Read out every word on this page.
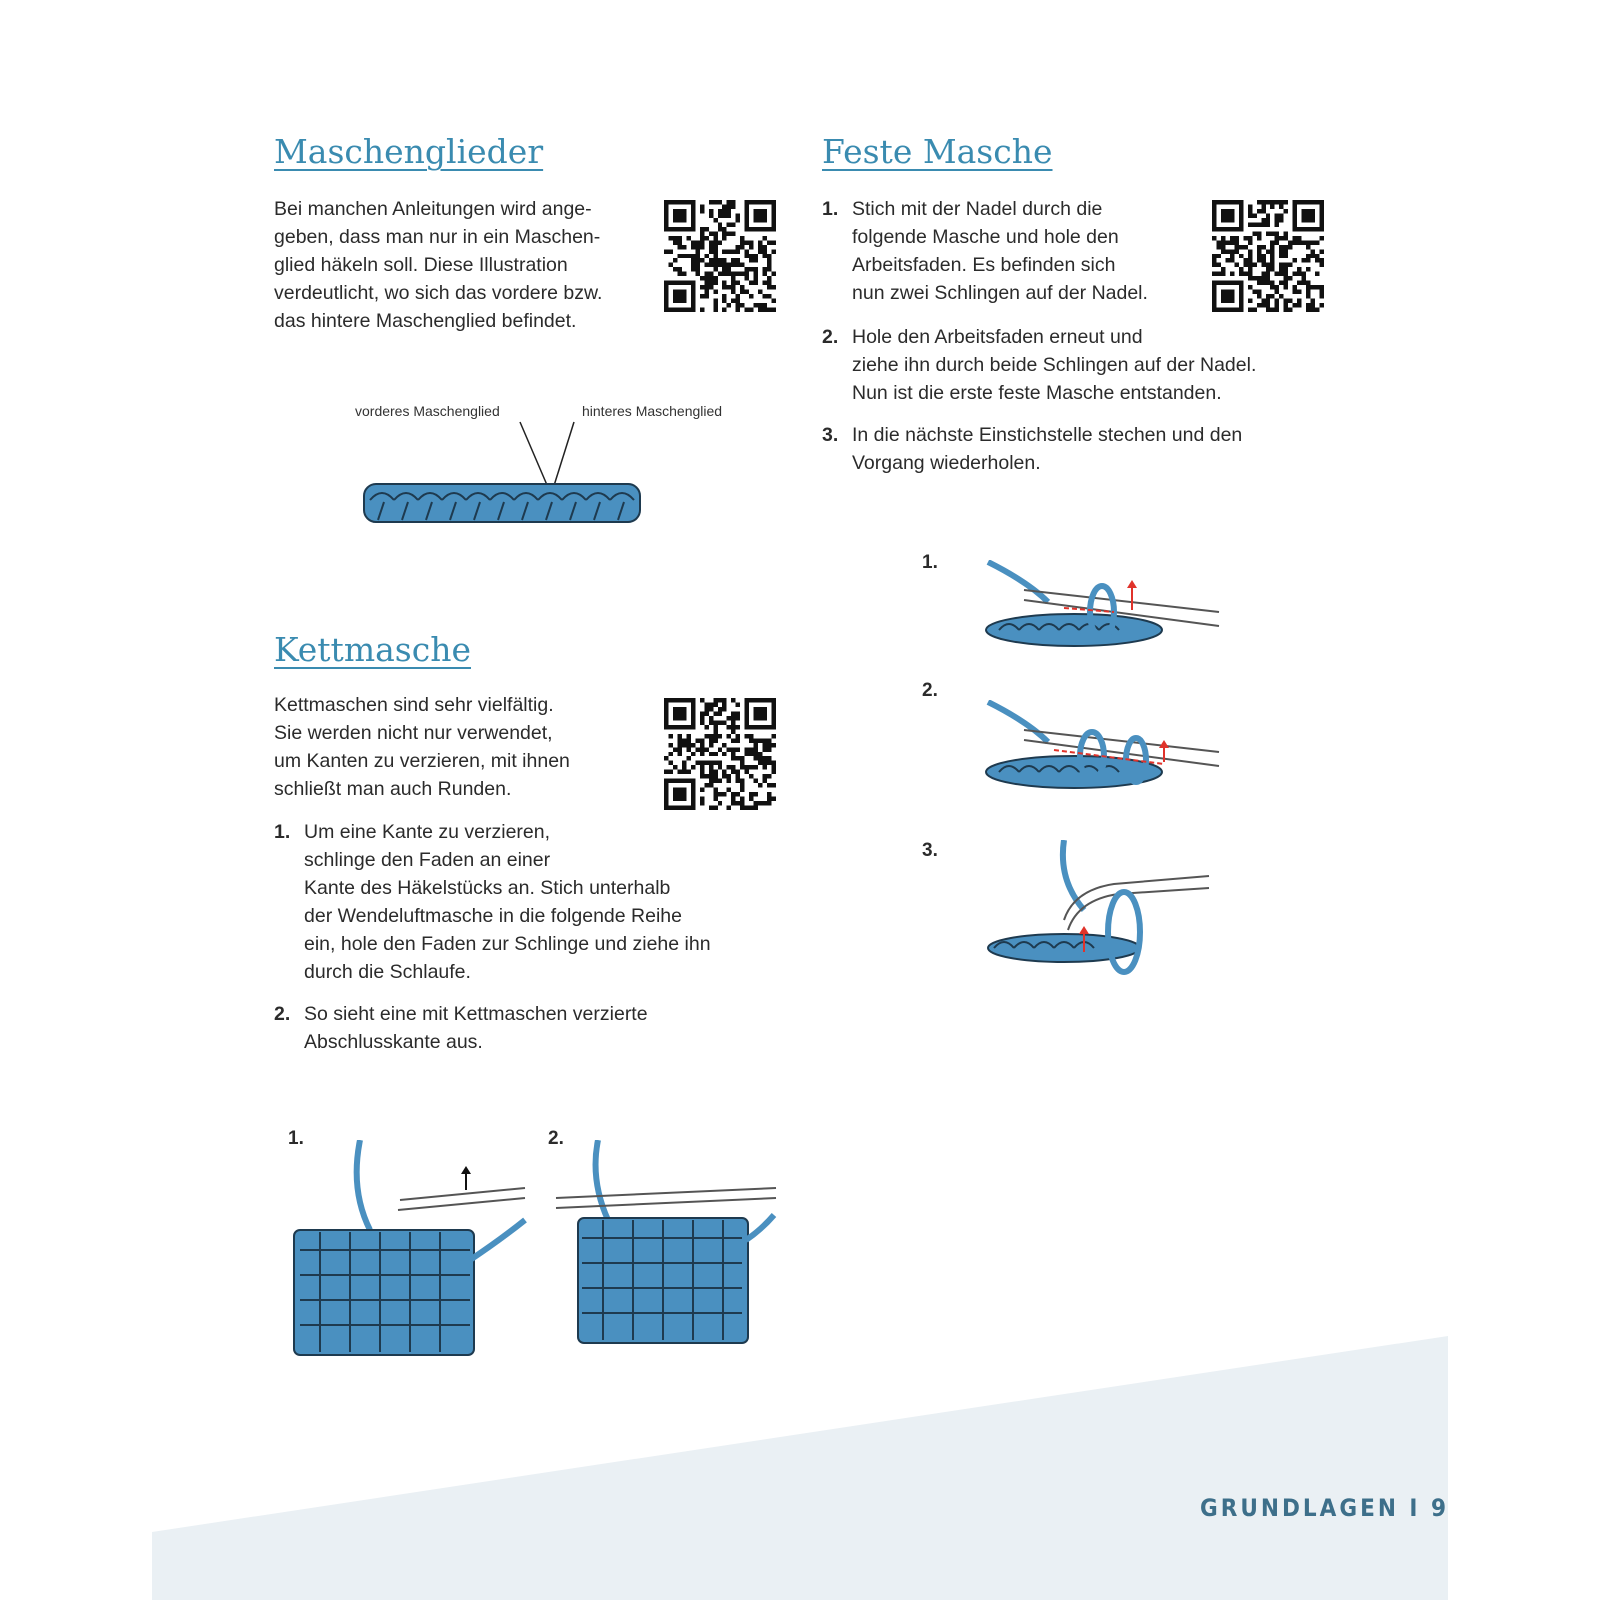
Maschenglieder
Bei manchen Anleitungen wird ange-
geben, dass man nur in ein Maschen-
glied häkeln soll. Diese Illustration
verdeutlicht, wo sich das vordere bzw.
das hintere Maschenglied befindet.
vorderes Maschenglied	hinteres Maschenglied
Kettmasche
Kettmaschen sind sehr vielfältig.
Sie werden nicht nur verwendet,
um Kanten zu verzieren, mit ihnen
schließt man auch Runden.
1. Um eine Kante zu verzieren,
schlinge den Faden an einer
Kante des Häkelstücks an. Stich unterhalb
der Wendeluftmasche in die folgende Reihe
ein, hole den Faden zur Schlinge und ziehe ihn
durch die Schlaufe.
2. So sieht eine mit Kettmaschen verzierte
Abschlusskante aus.
1.	2.
Feste Masche
1. Stich mit der Nadel durch die
folgende Masche und hole den
Arbeitsfaden. Es befinden sich
nun zwei Schlingen auf der Nadel.
2. Hole den Arbeitsfaden erneut und
ziehe ihn durch beide Schlingen auf der Nadel.
Nun ist die erste feste Masche entstanden.
3. In die nächste Einstichstelle stechen und den
Vorgang wiederholen.
1.
2.
3.
GRUNDLAGEN I 9
